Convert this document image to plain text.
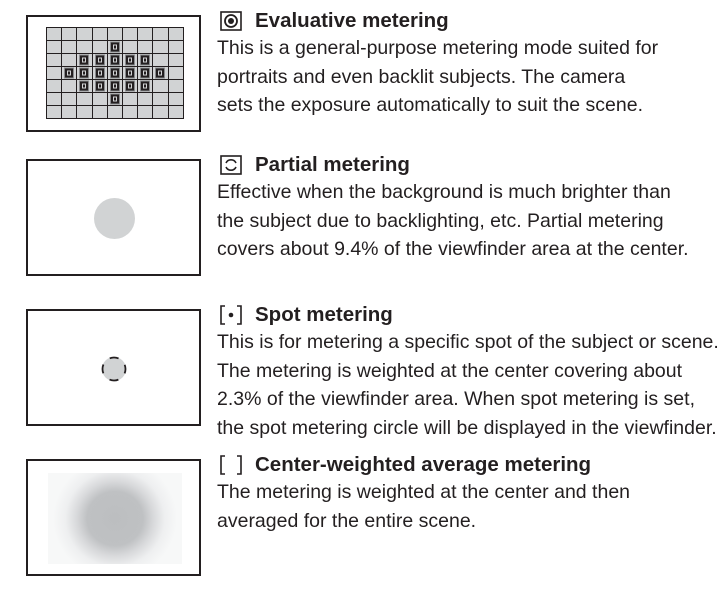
Evaluative metering
This is a general-purpose metering mode suited for
portraits and even backlit subjects. The camera
sets the exposure automatically to suit the scene.
Partial metering
Effective when the background is much brighter than
the subject due to backlighting, etc. Partial metering
covers about 9.4% of the viewfinder area at the center.
Spot metering
This is for metering a specific spot of the subject or scene.
The metering is weighted at the center covering about
2.3% of the viewfinder area. When spot metering is set,
the spot metering circle will be displayed in the viewfinder.
Center-weighted average metering
The metering is weighted at the center and then
averaged for the entire scene.
